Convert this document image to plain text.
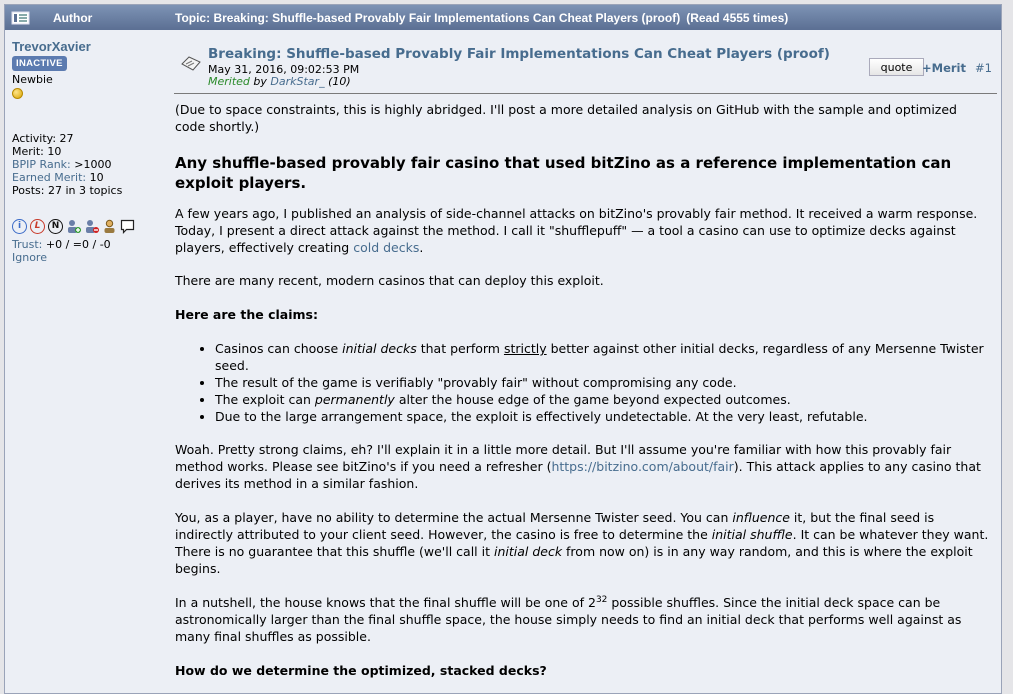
Author	Topic: Breaking: Shuffle-based Provably Fair Implementations Can Cheat Players (proof) (Read 4555 times)
TrevorXavier
INACTIVE
Newbie
Activity: 27
Merit: 10
BPIP Rank: >1000
Earned Merit: 10
Posts: 27 in 3 topics
i	L	N
Trust: +0 / =0 / -0
Ignore
Breaking: Shuffle-based Provably Fair Implementations Can Cheat Players (proof)
May 31, 2016, 09:02:53 PM
Merited by DarkStar_ (10)
quote +Merit #1

(Due to space constraints, this is highly abridged. I'll post a more detailed analysis on GitHub with the sample and optimized code shortly.)

Any shuffle-based provably fair casino that used bitZino as a reference implementation can exploit players.

A few years ago, I published an analysis of side-channel attacks on bitZino's provably fair method. It received a warm response. Today, I present a direct attack against the method. I call it "shufflepuff" — a tool a casino can use to optimize decks against players, effectively creating cold decks.

There are many recent, modern casinos that can deploy this exploit.

Here are the claims:

• Casinos can choose initial decks that perform strictly better against other initial decks, regardless of any Mersenne Twister seed.
• The result of the game is verifiably "provably fair" without compromising any code.
• The exploit can permanently alter the house edge of the game beyond expected outcomes.
• Due to the large arrangement space, the exploit is effectively undetectable. At the very least, refutable.

Woah. Pretty strong claims, eh? I'll explain it in a little more detail. But I'll assume you're familiar with how this provably fair method works. Please see bitZino's if you need a refresher (https://bitzino.com/about/fair). This attack applies to any casino that derives its method in a similar fashion.

You, as a player, have no ability to determine the actual Mersenne Twister seed. You can influence it, but the final seed is indirectly attributed to your client seed. However, the casino is free to determine the initial shuffle. It can be whatever they want. There is no guarantee that this shuffle (we'll call it initial deck from now on) is in any way random, and this is where the exploit begins.

In a nutshell, the house knows that the final shuffle will be one of $2^{32}$ possible shuffles. Since the initial deck space can be astronomically larger than the final shuffle space, the house simply needs to find an initial deck that performs well against as many final shuffles as possible.

How do we determine the optimized, stacked decks?
